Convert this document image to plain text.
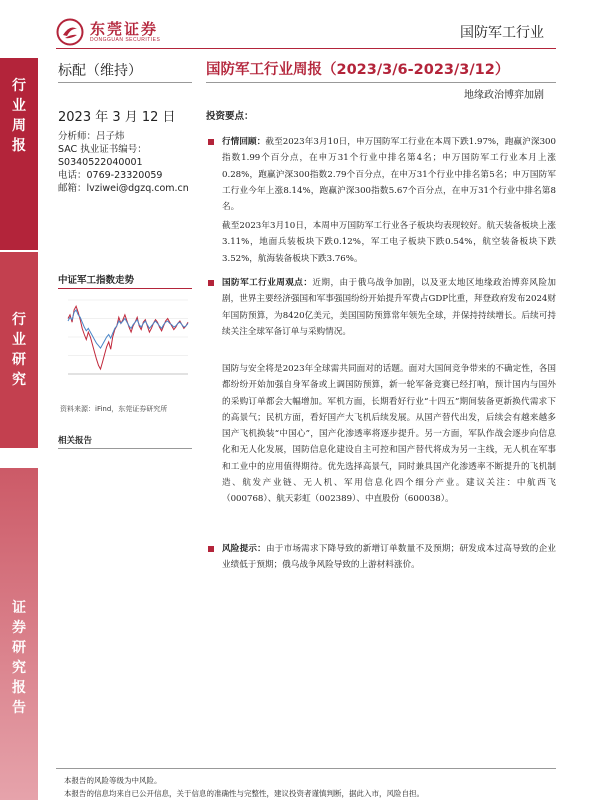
东莞证券
DONGGUAN SECURITIES	国防军工行业
行业周报
行业研究
证券研究报告
标配（维持）
2023 年 3 月 12 日
分析师：吕子炜
SAC 执业证书编号：
S0340522040001
电话：0769-23320059
邮箱：lvziwei@dgzq.com.cn
中证军工指数走势
资料来源：iFind，东莞证券研究所
相关报告
国防军工行业周报（2023/3/6-2023/3/12）
地缘政治博弈加剧
投资要点：
行情回顾：截至2023年3月10日，申万国防军工行业在本周下跌1.97%，跑赢沪深300指数1.99个百分点，在申万31个行业中排名第4名；申万国防军工行业本月上涨0.28%，跑赢沪深300指数2.79个百分点，在申万31个行业中排名第5名；申万国防军工行业今年上涨8.14%，跑赢沪深300指数5.67个百分点，在申万31个行业中排名第8名。
截至2023年3月10日，本周申万国防军工行业各子板块均表现较好。航天装备板块上涨3.11%，地面兵装板块下跌0.12%，军工电子板块下跌0.54%，航空装备板块下跌3.52%，航海装备板块下跌3.76%。
国防军工行业周观点：近期，由于俄乌战争加剧，以及亚太地区地缘政治博弈风险加剧，世界主要经济强国和军事强国纷纷开始提升军费占GDP比重，拜登政府发布2024财年国防预算，为8420亿美元，美国国防预算常年领先全球，并保持持续增长。后续可持续关注全球军备订单与采购情况。
国防与安全将是2023年全球需共同面对的话题。面对大国间竞争带来的不确定性，各国都纷纷开始加强自身军备或上调国防预算，新一轮军备竞赛已经打响，预计国内与国外的采购订单都会大幅增加。军机方面，长期看好行业“十四五”期间装备更新换代需求下的高景气；民机方面，看好国产大飞机后续发展。从国产替代出发，后续会有越来越多国产飞机换装“中国心”，国产化渗透率将逐步提升。另一方面，军队作战会逐步向信息化和无人化发展，国防信息化建设自主可控和国产替代将成为另一主线，无人机在军事和工业中的应用值得期待。优先选择高景气，同时兼具国产化渗透率不断提升的飞机制造、航发产业链、无人机、军用信息化四个细分产业。建议关注：中航西飞（000768）、航天彩虹（002389）、中直股份（600038）。
风险提示：由于市场需求下降导致的新增订单数量不及预期；研发成本过高导致的企业业绩低于预期；俄乌战争风险导致的上游材料涨价。
本报告的风险等级为中风险。
本报告的信息均来自已公开信息，关于信息的准确性与完整性，建议投资者谨慎判断，据此入市，风险自担。
